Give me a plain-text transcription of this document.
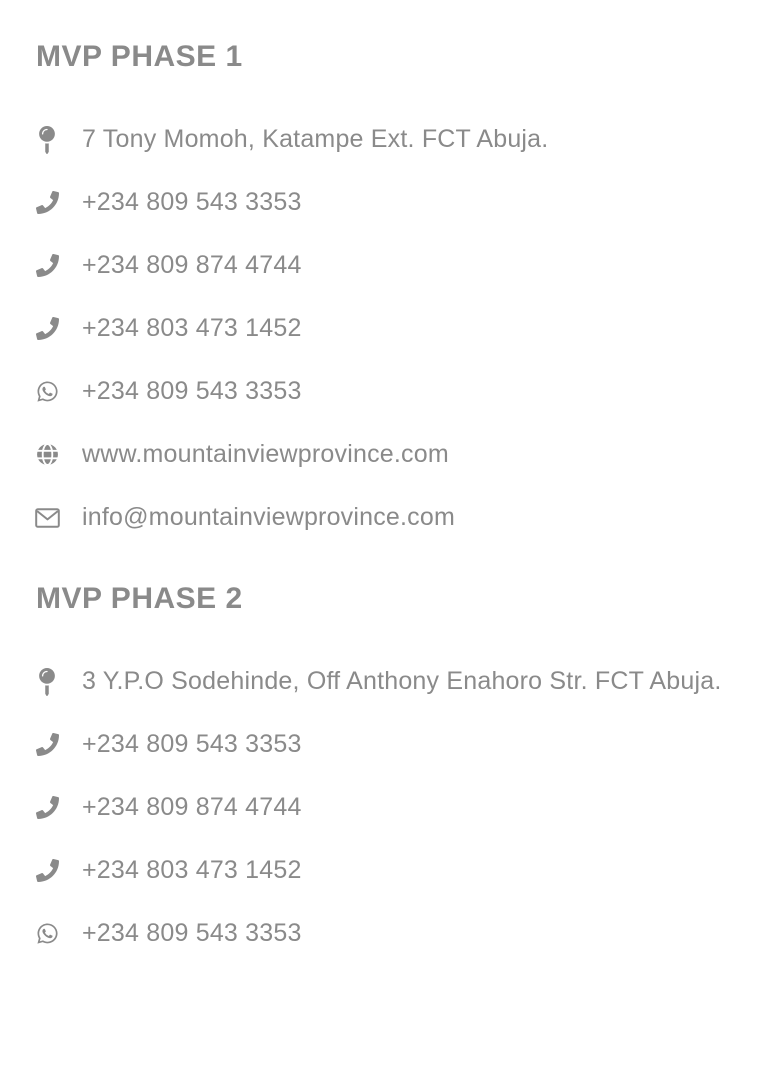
MVP PHASE 1
7 Tony Momoh, Katampe Ext. FCT Abuja.
+234 809 543 3353
+234 809 874 4744
+234 803 473 1452
+234 809 543 3353
www.mountainviewprovince.com
info@mountainviewprovince.com
MVP PHASE 2
3 Y.P.O Sodehinde, Off Anthony Enahoro Str. FCT Abuja.
+234 809 543 3353
+234 809 874 4744
+234 803 473 1452
+234 809 543 3353
